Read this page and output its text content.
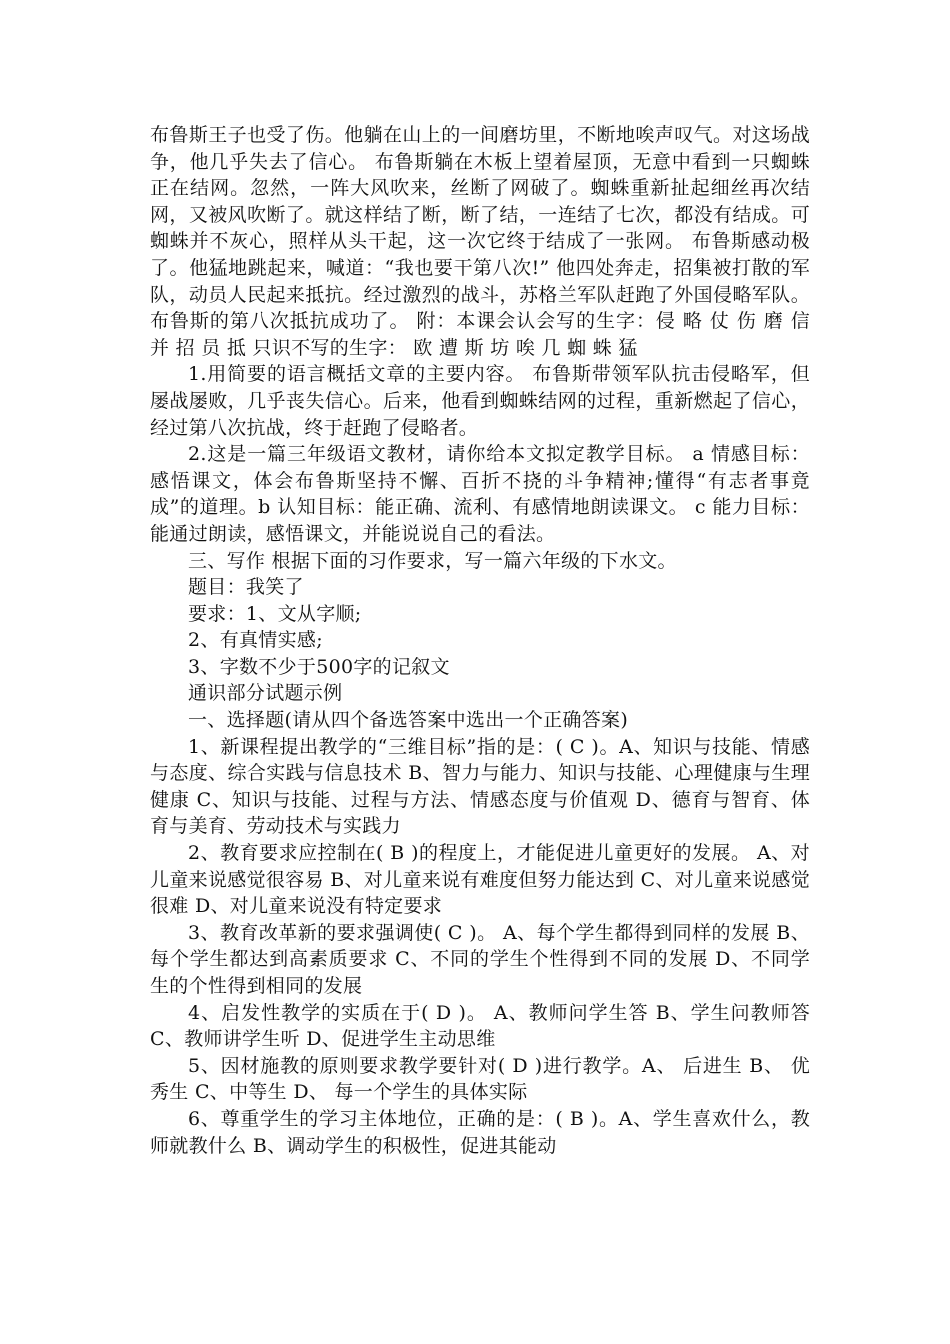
布鲁斯王子也受了伤。他躺在山上的一间磨坊里，不断地唉声叹气。对这场战争，他几乎失去了信心。 布鲁斯躺在木板上望着屋顶，无意中看到一只蜘蛛正在结网。忽然，一阵大风吹来，丝断了网破了。蜘蛛重新扯起细丝再次结网，又被风吹断了。就这样结了断，断了结，一连结了七次，都没有结成。可蜘蛛并不灰心，照样从头干起，这一次它终于结成了一张网。 布鲁斯感动极了。他猛地跳起来，喊道：“我也要干第八次!” 他四处奔走，招集被打散的军队，动员人民起来抵抗。经过激烈的战斗，苏格兰军队赶跑了外国侵略军队。布鲁斯的第八次抵抗成功了。 附：本课会认会写的生字：侵 略 仗 伤 磨 信 并 招 员 抵 只识不写的生字： 欧 遭 斯 坊 唉 几 蜘 蛛 猛

1.用简要的语言概括文章的主要内容。 布鲁斯带领军队抗击侵略军，但屡战屡败，几乎丧失信心。后来，他看到蜘蛛结网的过程，重新燃起了信心，经过第八次抗战，终于赶跑了侵略者。

2.这是一篇三年级语文教材，请你给本文拟定教学目标。 a 情感目标：感悟课文，体会布鲁斯坚持不懈、百折不挠的斗争精神;懂得“有志者事竟成”的道理。b 认知目标：能正确、流利、有感情地朗读课文。 c 能力目标：能通过朗读，感悟课文，并能说说自己的看法。

三、写作 根据下面的习作要求，写一篇六年级的下水文。

题目：我笑了

要求：1、文从字顺;

2、有真情实感;

3、字数不少于500字的记叙文

通识部分试题示例

一、选择题(请从四个备选答案中选出一个正确答案)

1、新课程提出教学的“三维目标”指的是：( C )。A、知识与技能、情感与态度、综合实践与信息技术 B、智力与能力、知识与技能、心理健康与生理健康 C、知识与技能、过程与方法、情感态度与价值观 D、德育与智育、体育与美育、劳动技术与实践力

2、教育要求应控制在( B )的程度上，才能促进儿童更好的发展。 A、对儿童来说感觉很容易 B、对儿童来说有难度但努力能达到 C、对儿童来说感觉很难 D、对儿童来说没有特定要求

3、教育改革新的要求强调使( C )。 A、每个学生都得到同样的发展 B、每个学生都达到高素质要求 C、不同的学生个性得到不同的发展 D、不同学生的个性得到相同的发展

4、启发性教学的实质在于( D )。 A、教师问学生答 B、学生问教师答 C、教师讲学生听 D、促进学生主动思维

5、因材施教的原则要求教学要针对( D )进行教学。A、 后进生 B、 优秀生 C、中等生 D、 每一个学生的具体实际

6、尊重学生的学习主体地位，正确的是：( B )。A、学生喜欢什么，教师就教什么 B、调动学生的积极性，促进其能动
